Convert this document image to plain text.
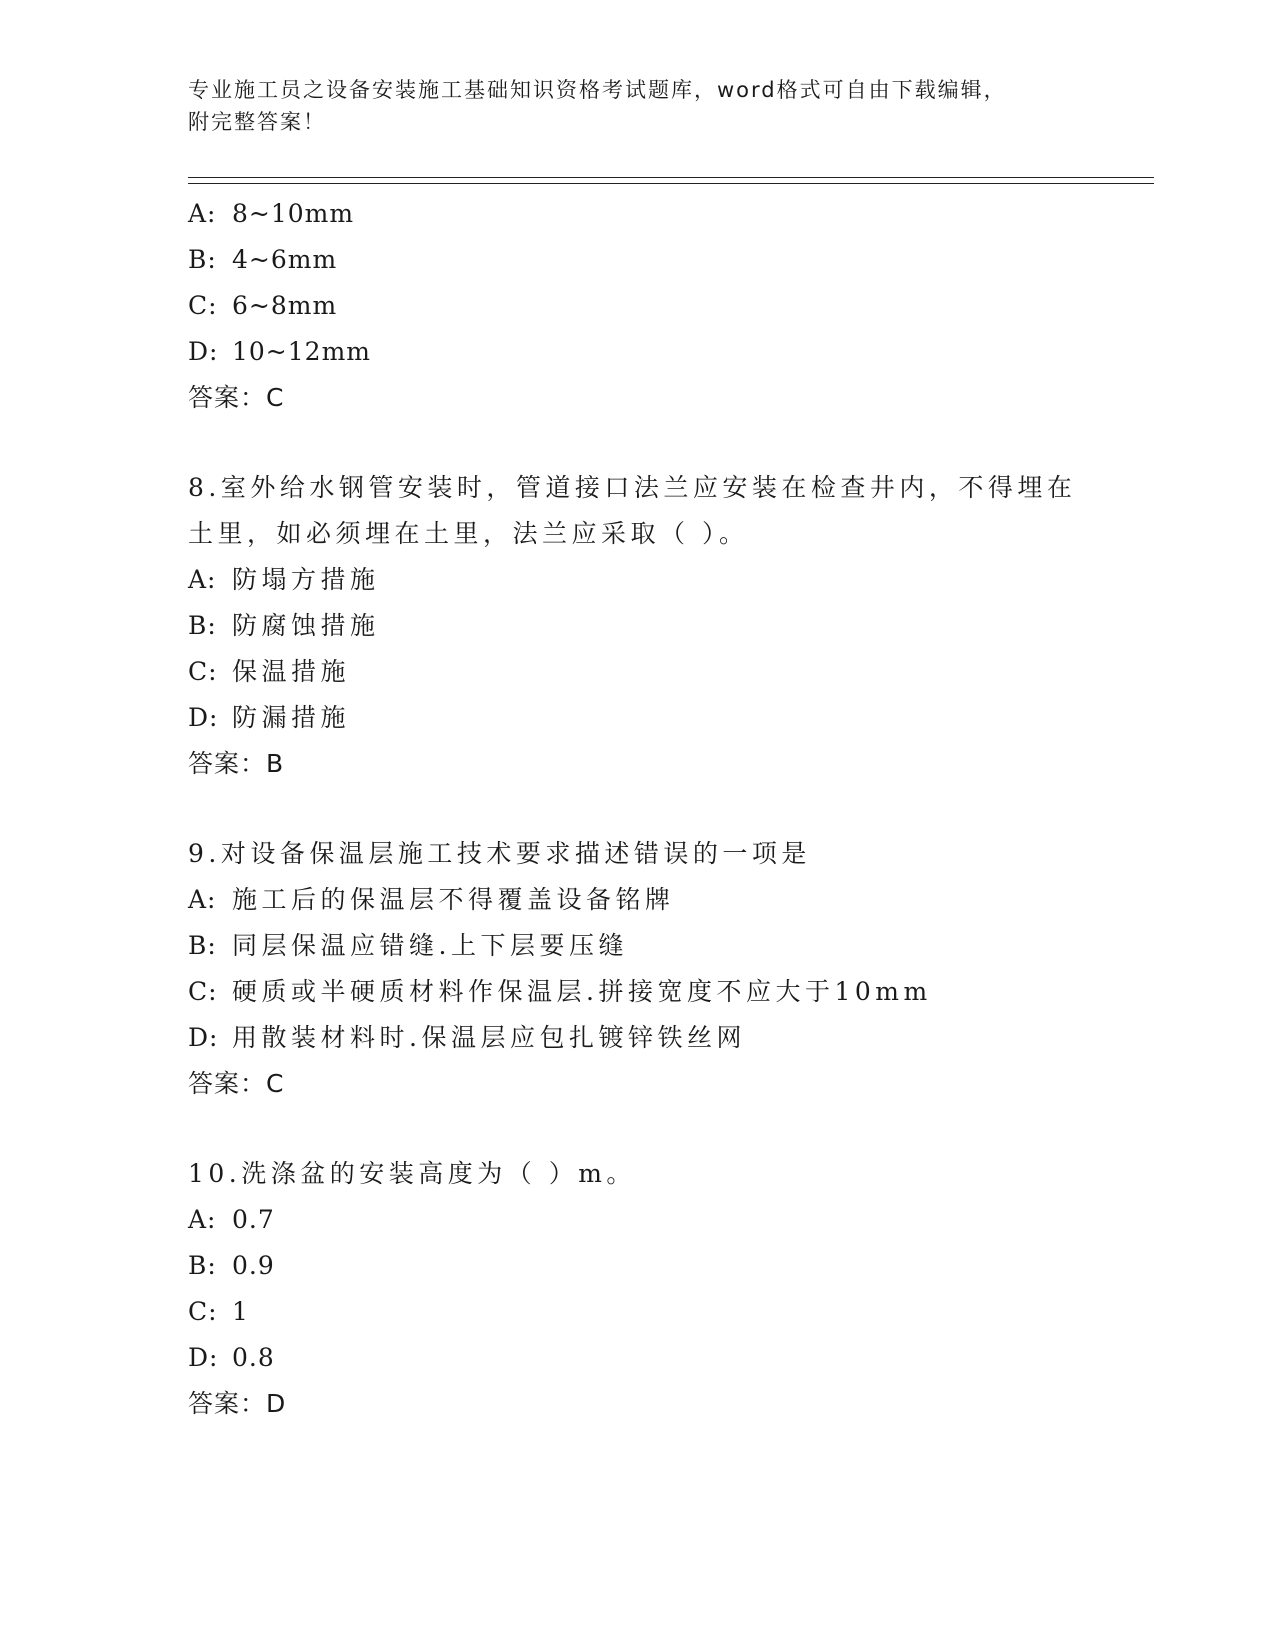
专业施工员之设备安装施工基础知识资格考试题库，word格式可自由下载编辑，
附完整答案！
A: 8~10mm
B: 4~6mm
C: 6~8mm
D: 10~12mm
答案：C
8.室外给水钢管安装时，管道接口法兰应安装在检查井内，不得埋在
土里，如必须埋在土里，法兰应采取（ ）。
A: 防塌方措施
B: 防腐蚀措施
C: 保温措施
D: 防漏措施
答案：B
9.对设备保温层施工技术要求描述错误的一项是
A: 施工后的保温层不得覆盖设备铭牌
B: 同层保温应错缝.上下层要压缝
C: 硬质或半硬质材料作保温层.拼接宽度不应大于10mm
D: 用散装材料时.保温层应包扎镀锌铁丝网
答案：C
10.洗涤盆的安装高度为（ ）m。
A: 0.7
B: 0.9
C: 1
D: 0.8
答案：D
